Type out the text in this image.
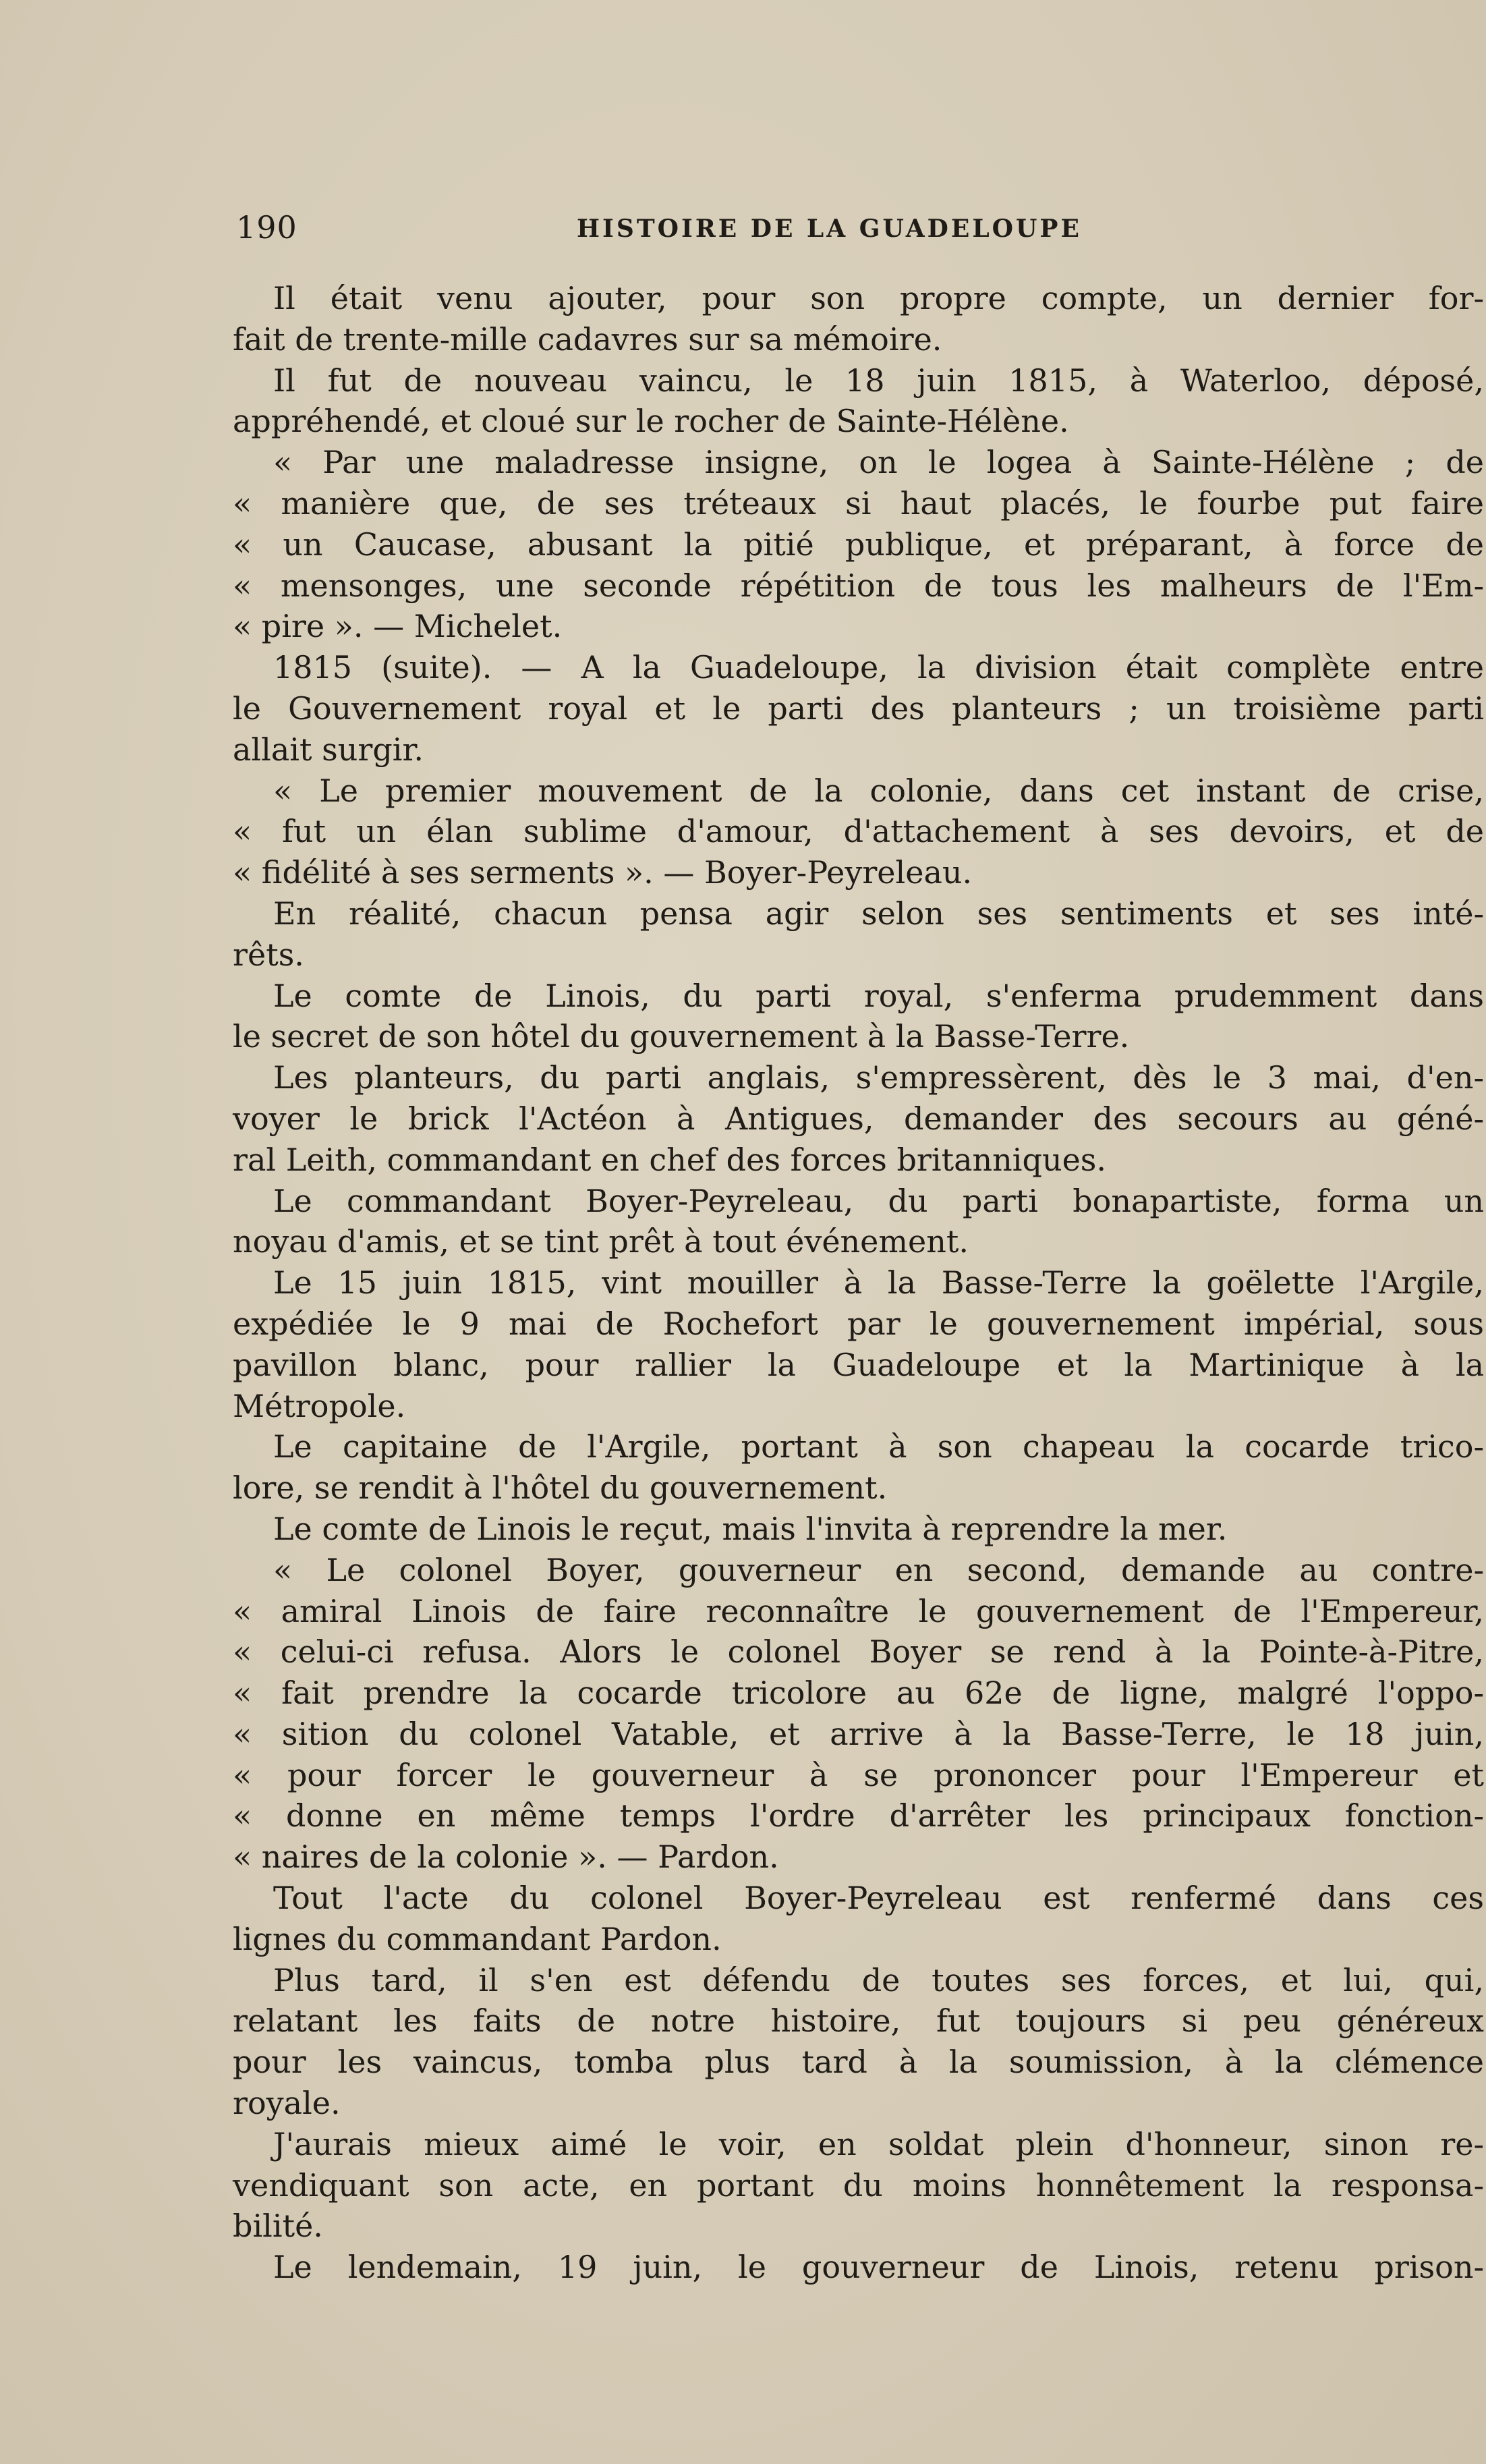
190	HISTOIRE DE LA GUADELOUPE
Il était venu ajouter, pour son propre compte, un dernier for-
fait de trente-mille cadavres sur sa mémoire.
Il fut de nouveau vaincu, le 18 juin 1815, à Waterloo, déposé,
appréhendé, et cloué sur le rocher de Sainte-Hélène.
« Par une maladresse insigne, on le logea à Sainte-Hélène ; de
« manière que, de ses tréteaux si haut placés, le fourbe put faire
« un Caucase, abusant la pitié publique, et préparant, à force de
« mensonges, une seconde répétition de tous les malheurs de l'Em-
« pire ». — Michelet.
1815 (suite). — A la Guadeloupe, la division était complète entre
le Gouvernement royal et le parti des planteurs ; un troisième parti
allait surgir.
« Le premier mouvement de la colonie, dans cet instant de crise,
« fut un élan sublime d'amour, d'attachement à ses devoirs, et de
« fidélité à ses serments ». — Boyer-Peyreleau.
En réalité, chacun pensa agir selon ses sentiments et ses inté-
rêts.
Le comte de Linois, du parti royal, s'enferma prudemment dans
le secret de son hôtel du gouvernement à la Basse-Terre.
Les planteurs, du parti anglais, s'empressèrent, dès le 3 mai, d'en-
voyer le brick l'Actéon à Antigues, demander des secours au géné-
ral Leith, commandant en chef des forces britanniques.
Le commandant Boyer-Peyreleau, du parti bonapartiste, forma un
noyau d'amis, et se tint prêt à tout événement.
Le 15 juin 1815, vint mouiller à la Basse-Terre la goëlette l'Argile,
expédiée le 9 mai de Rochefort par le gouvernement impérial, sous
pavillon blanc, pour rallier la Guadeloupe et la Martinique à la
Métropole.
Le capitaine de l'Argile, portant à son chapeau la cocarde trico-
lore, se rendit à l'hôtel du gouvernement.
Le comte de Linois le reçut, mais l'invita à reprendre la mer.
« Le colonel Boyer, gouverneur en second, demande au contre-
« amiral Linois de faire reconnaître le gouvernement de l'Empereur,
« celui-ci refusa. Alors le colonel Boyer se rend à la Pointe-à-Pitre,
« fait prendre la cocarde tricolore au 62e de ligne, malgré l'oppo-
« sition du colonel Vatable, et arrive à la Basse-Terre, le 18 juin,
« pour forcer le gouverneur à se prononcer pour l'Empereur et
« donne en même temps l'ordre d'arrêter les principaux fonction-
« naires de la colonie ». — Pardon.
Tout l'acte du colonel Boyer-Peyreleau est renfermé dans ces
lignes du commandant Pardon.
Plus tard, il s'en est défendu de toutes ses forces, et lui, qui,
relatant les faits de notre histoire, fut toujours si peu généreux
pour les vaincus, tomba plus tard à la soumission, à la clémence
royale.
J'aurais mieux aimé le voir, en soldat plein d'honneur, sinon re-
vendiquant son acte, en portant du moins honnêtement la responsa-
bilité.
Le lendemain, 19 juin, le gouverneur de Linois, retenu prison-
